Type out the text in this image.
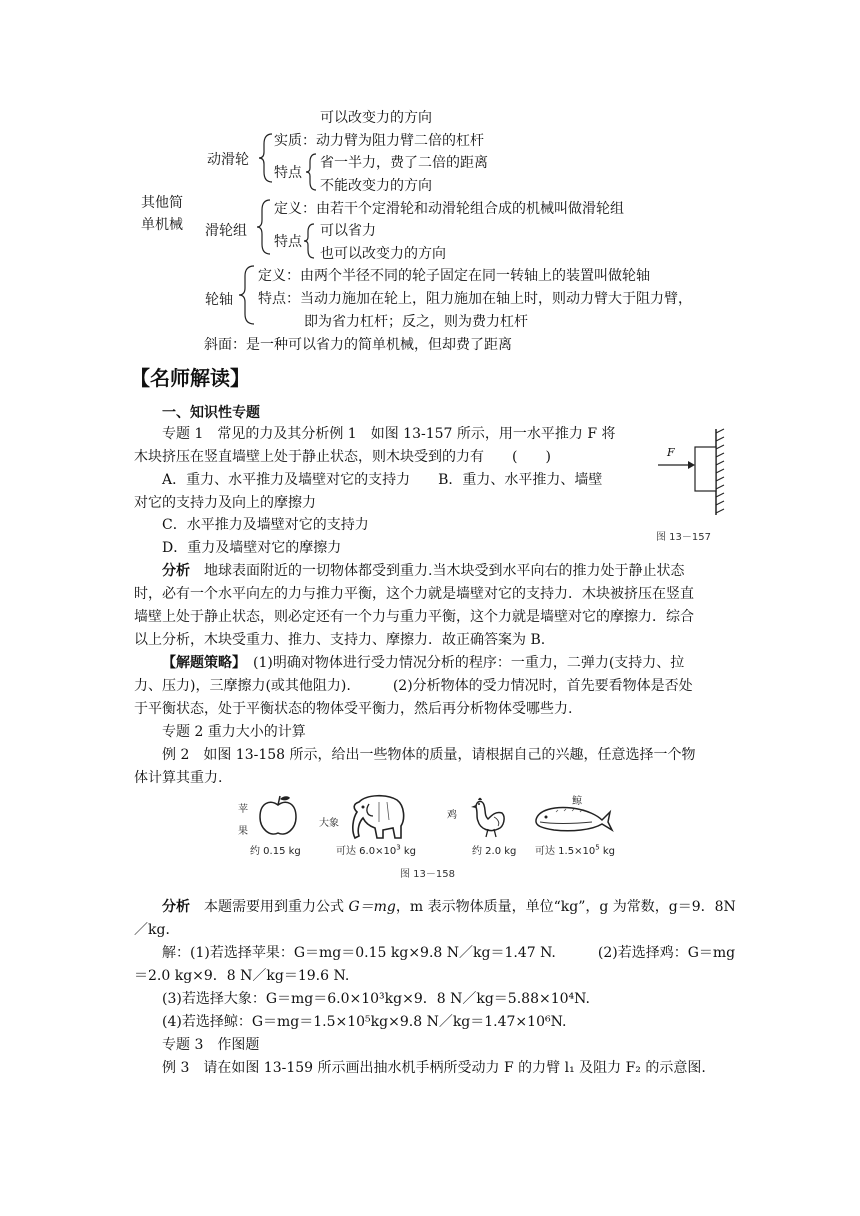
其他简
单机械
动滑轮
可以改变力的方向
实质：动力臂为阻力臂二倍的杠杆
特点
省一半力，费了二倍的距离
不能改变力的方向
滑轮组
定义：由若干个定滑轮和动滑轮组合成的机械叫做滑轮组
特点
可以省力
也可以改变力的方向
轮轴
定义：由两个半径不同的轮子固定在同一转轴上的装置叫做轮轴
特点：当动力施加在轮上，阻力施加在轴上时，则动力臂大于阻力臂，
即为省力杠杆；反之，则为费力杠杆
斜面：是一种可以省力的简单机械，但却费了距离
【名师解读】
一、知识性专题
专题 1　常见的力及其分析例 1　如图 13-157 所示，用一水平推力 F 将
木块挤压在竖直墙壁上处于静止状态，则木块受到的力有　　(　　)
A．重力、水平推力及墙壁对它的支持力　　B．重力、水平推力、墙壁
对它的支持力及向上的摩擦力
C．水平推力及墙壁对它的支持力
D．重力及墙壁对它的摩擦力
F
图 13－157
分析　地球表面附近的一切物体都受到重力.当木块受到水平向右的推力处于静止状态
时，必有一个水平向左的力与推力平衡，这个力就是墙壁对它的支持力．木块被挤压在竖直
墙壁上处于静止状态，则必定还有一个力与重力平衡，这个力就是墙壁对它的摩擦力．综合
以上分析，木块受重力、推力、支持力、摩擦力．故正确答案为 B.
【解题策略】　(1)明确对物体进行受力情况分析的程序：一重力，二弹力(支持力、拉
力、压力)，三摩擦力(或其他阻力).　　　(2)分析物体的受力情况时，首先要看物体是否处
于平衡状态，处于平衡状态的物体受平衡力，然后再分析物体受哪些力.
专题 2 重力大小的计算
例 2　如图 13-158 所示，给出一些物体的质量，请根据自己的兴趣，任意选择一个物
体计算其重力.
苹
果
约 0.15 kg
大象
可达 $6.0\times 10^3$ kg
鸡
约 2.0 kg
鲸
可达 $1.5\times 10^5$ kg
图 13－158
分析　本题需要用到重力公式 G＝mg，m 表示物体质量，单位“kg”，g 为常数，g＝9．8N
／kg．
解：(1)若选择苹果：G＝mg＝0.15 kg×9.8 N／kg＝1.47 N.　　　(2)若选择鸡：G＝mg
＝2.0 kg×9．8 N／kg＝19.6 N.
(3)若选择大象：G＝mg＝6.0×10³kg×9．8 N／kg＝5.88×10⁴N.
(4)若选择鲸：G＝mg＝1.5×10⁵kg×9.8 N／kg＝1.47×10⁶N.
专题 3　作图题
例 3　请在如图 13-159 所示画出抽水机手柄所受动力 F 的力臂 l₁ 及阻力 F₂ 的示意图.
